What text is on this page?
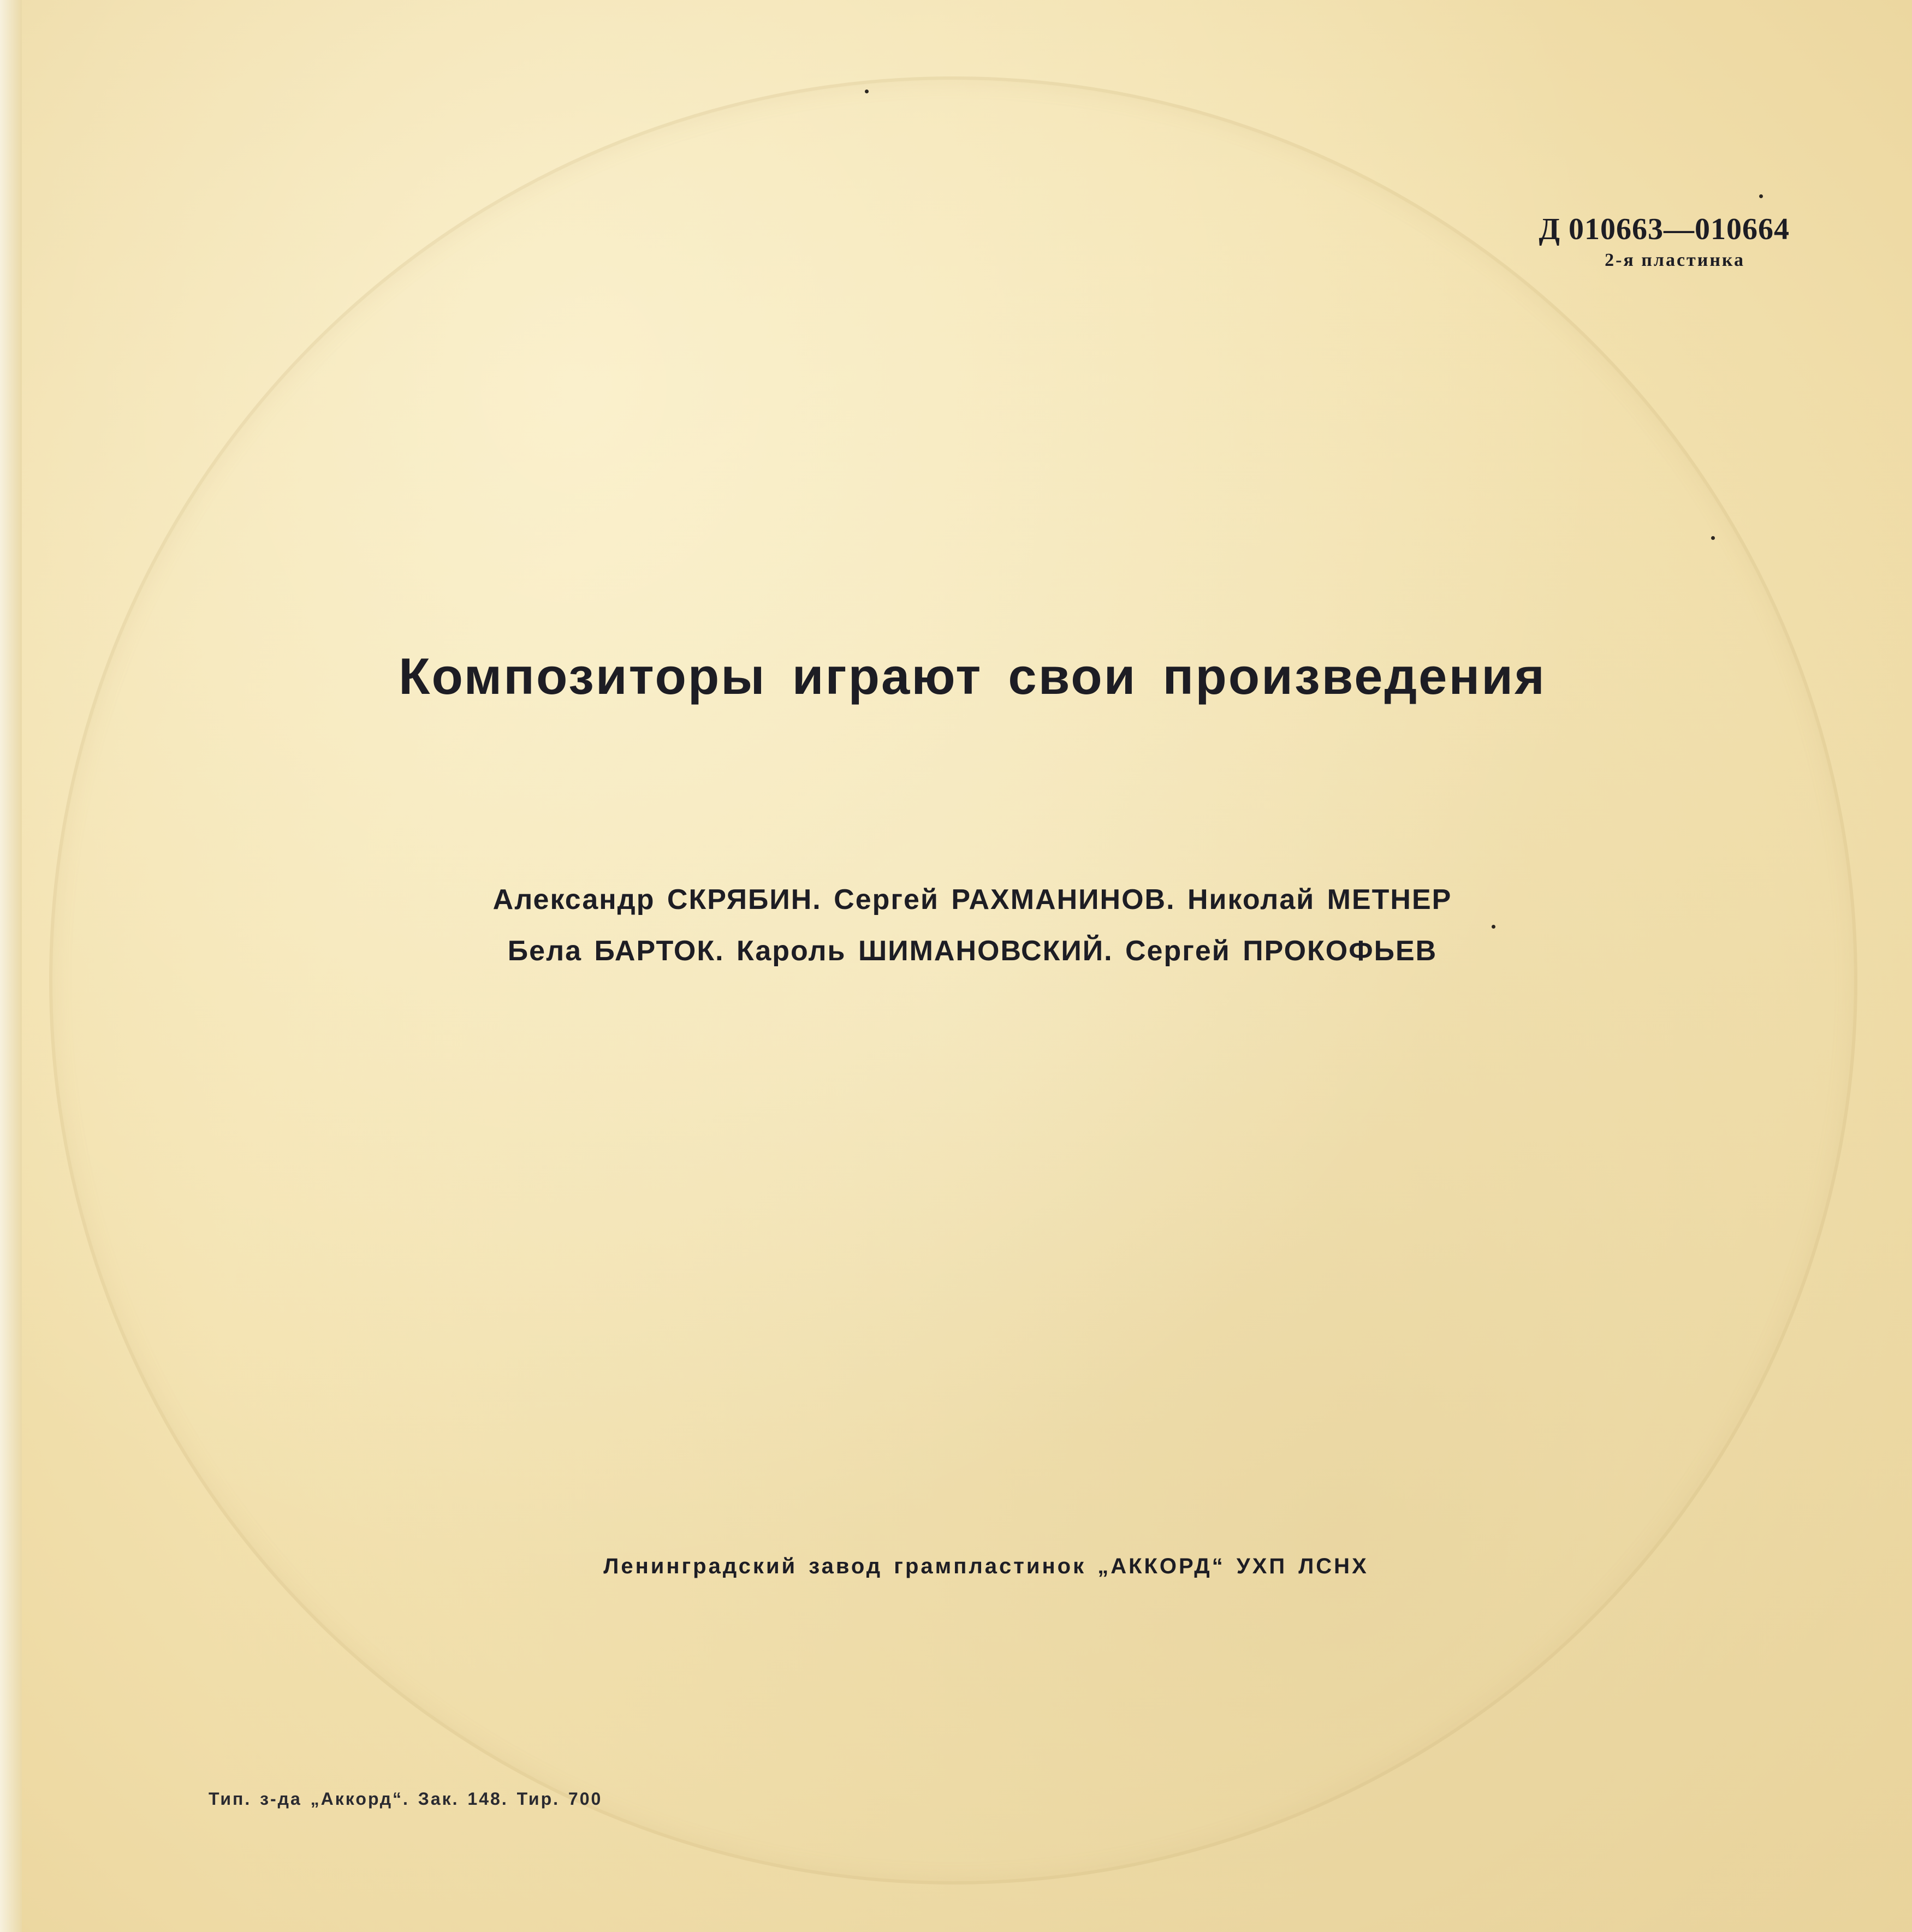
Д 010663—010664

2-я пластинка

Композиторы играют свои произведения

Александр СКРЯБИН. Сергей РАХМАНИНОВ. Николай МЕТНЕР

Бела БАРТОК. Кароль ШИМАНОВСКИЙ. Сергей ПРОКОФЬЕВ

Ленинградский завод грампластинок „АККОРД“ УХП ЛСНХ

Тип. з-да „Аккорд“. Зак. 148. Тир. 700
